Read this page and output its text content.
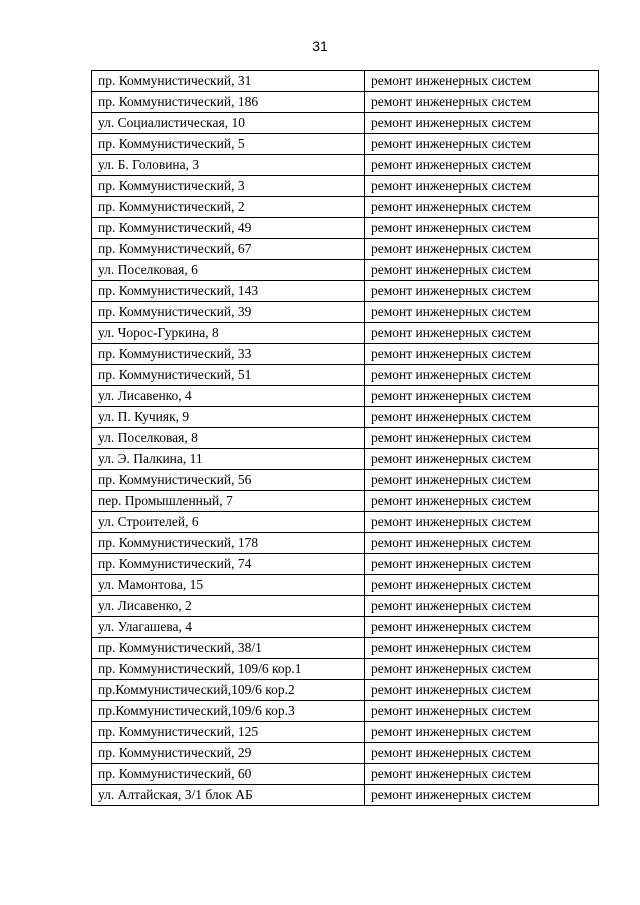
31
пр. Коммунистический, 31	ремонт инженерных систем
пр. Коммунистический, 186	ремонт инженерных систем
ул. Социалистическая, 10	ремонт инженерных систем
пр. Коммунистический, 5	ремонт инженерных систем
ул. Б. Головина, 3	ремонт инженерных систем
пр. Коммунистический, 3	ремонт инженерных систем
пр. Коммунистический, 2	ремонт инженерных систем
пр. Коммунистический, 49	ремонт инженерных систем
пр. Коммунистический, 67	ремонт инженерных систем
ул. Поселковая, 6	ремонт инженерных систем
пр. Коммунистический, 143	ремонт инженерных систем
пр. Коммунистический, 39	ремонт инженерных систем
ул. Чорос-Гуркина, 8	ремонт инженерных систем
пр. Коммунистический, 33	ремонт инженерных систем
пр. Коммунистический, 51	ремонт инженерных систем
ул. Лисавенко, 4	ремонт инженерных систем
ул. П. Кучияк, 9	ремонт инженерных систем
ул. Поселковая, 8	ремонт инженерных систем
ул. Э. Палкина, 11	ремонт инженерных систем
пр. Коммунистический, 56	ремонт инженерных систем
пер. Промышленный, 7	ремонт инженерных систем
ул. Строителей, 6	ремонт инженерных систем
пр. Коммунистический, 178	ремонт инженерных систем
пр. Коммунистический, 74	ремонт инженерных систем
ул. Мамонтова, 15	ремонт инженерных систем
ул. Лисавенко, 2	ремонт инженерных систем
ул. Улагашева, 4	ремонт инженерных систем
пр. Коммунистический, 38/1	ремонт инженерных систем
пр. Коммунистический, 109/6 кор.1	ремонт инженерных систем
пр.Коммунистический,109/6 кор.2	ремонт инженерных систем
пр.Коммунистический,109/6 кор.3	ремонт инженерных систем
пр. Коммунистический, 125	ремонт инженерных систем
пр. Коммунистический, 29	ремонт инженерных систем
пр. Коммунистический, 60	ремонт инженерных систем
ул. Алтайская, 3/1 блок АБ	ремонт инженерных систем
